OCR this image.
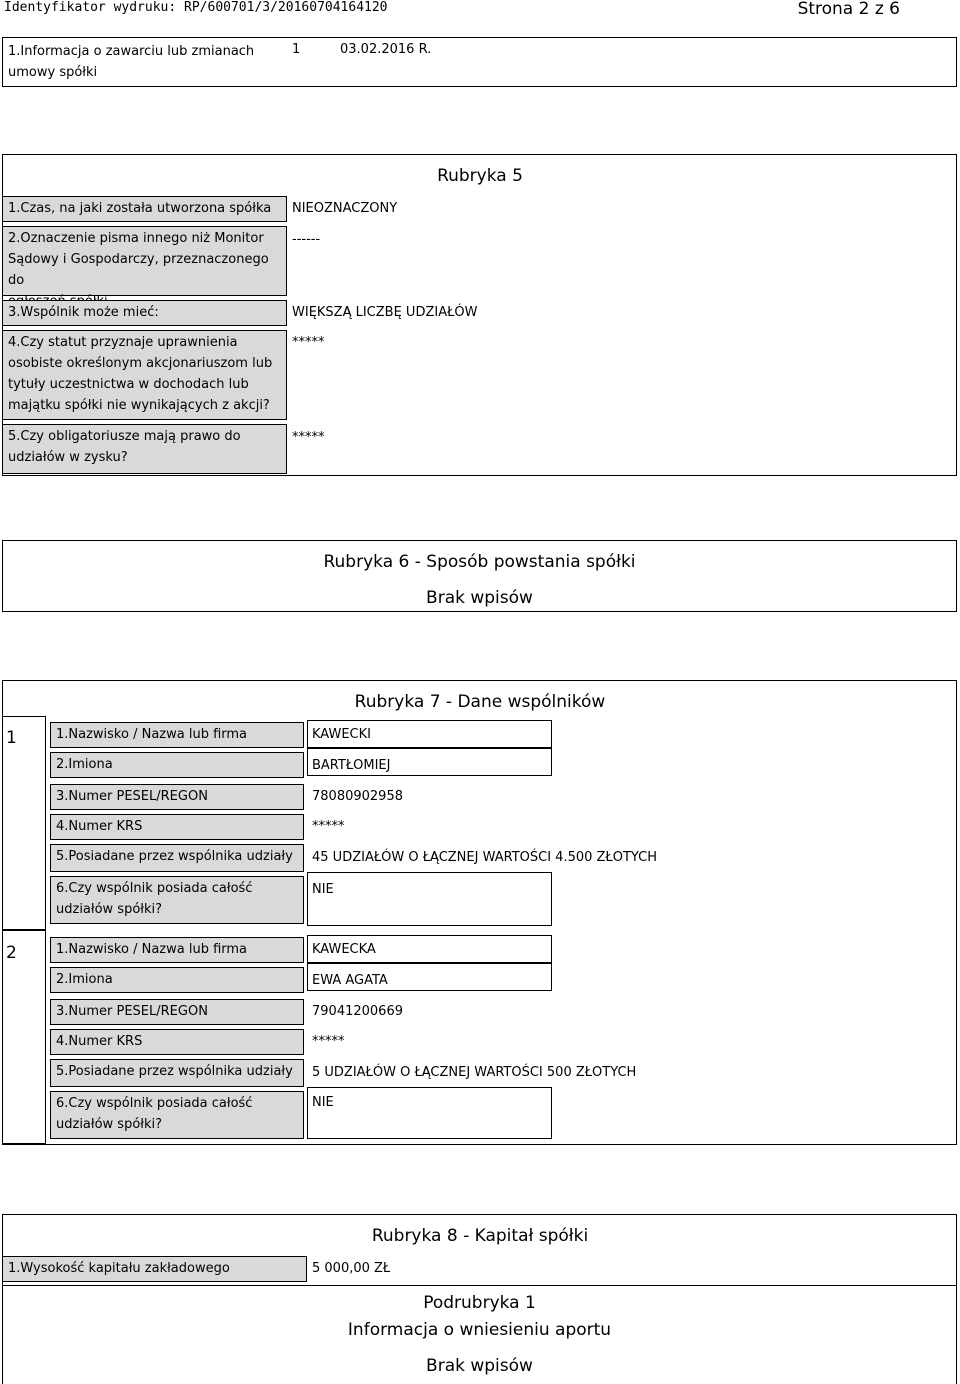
Identyfikator wydruku: RP/600701/3/20160704164120	Strona 2 z 6
1.Informacja o zawarciu lub zmianach
umowy spółki
1	03.02.2016 R.
Rubryka 5
1.Czas, na jaki została utworzona spółka	NIEOZNACZONY
2.Oznaczenie pisma innego niż Monitor
Sądowy i Gospodarczy, przeznaczonego do
------
3.Wspólnik może mieć:	WIĘKSZĄ LICZBĘ UDZIAŁÓW
4.Czy statut przyznaje uprawnienia
osobiste określonym akcjonariuszom lub
tytuły uczestnictwa w dochodach lub
majątku spółki nie wynikających z akcji?
*****
5.Czy obligatoriusze mają prawo do
udziałów w zysku?
*****
Rubryka 6 - Sposób powstania spółki
Brak wpisów
Rubryka 7 - Dane wspólników
1	1.Nazwisko / Nazwa lub firma	KAWECKI
2.Imiona	BARTŁOMIEJ
3.Numer PESEL/REGON	78080902958
4.Numer KRS	*****
5.Posiadane przez wspólnika udziały	45 UDZIAŁÓW O ŁĄCZNEJ WARTOŚCI 4.500 ZŁOTYCH
6.Czy wspólnik posiada całość
udziałów spółki?
NIE
2	1.Nazwisko / Nazwa lub firma	KAWECKA
2.Imiona	EWA AGATA
3.Numer PESEL/REGON	79041200669
4.Numer KRS	*****
5.Posiadane przez wspólnika udziały	5 UDZIAŁÓW O ŁĄCZNEJ WARTOŚCI 500 ZŁOTYCH
6.Czy wspólnik posiada całość
udziałów spółki?
NIE
Rubryka 8 - Kapitał spółki
1.Wysokość kapitału zakładowego	5 000,00 ZŁ
Podrubryka 1
Informacja o wniesieniu aportu
Brak wpisów
